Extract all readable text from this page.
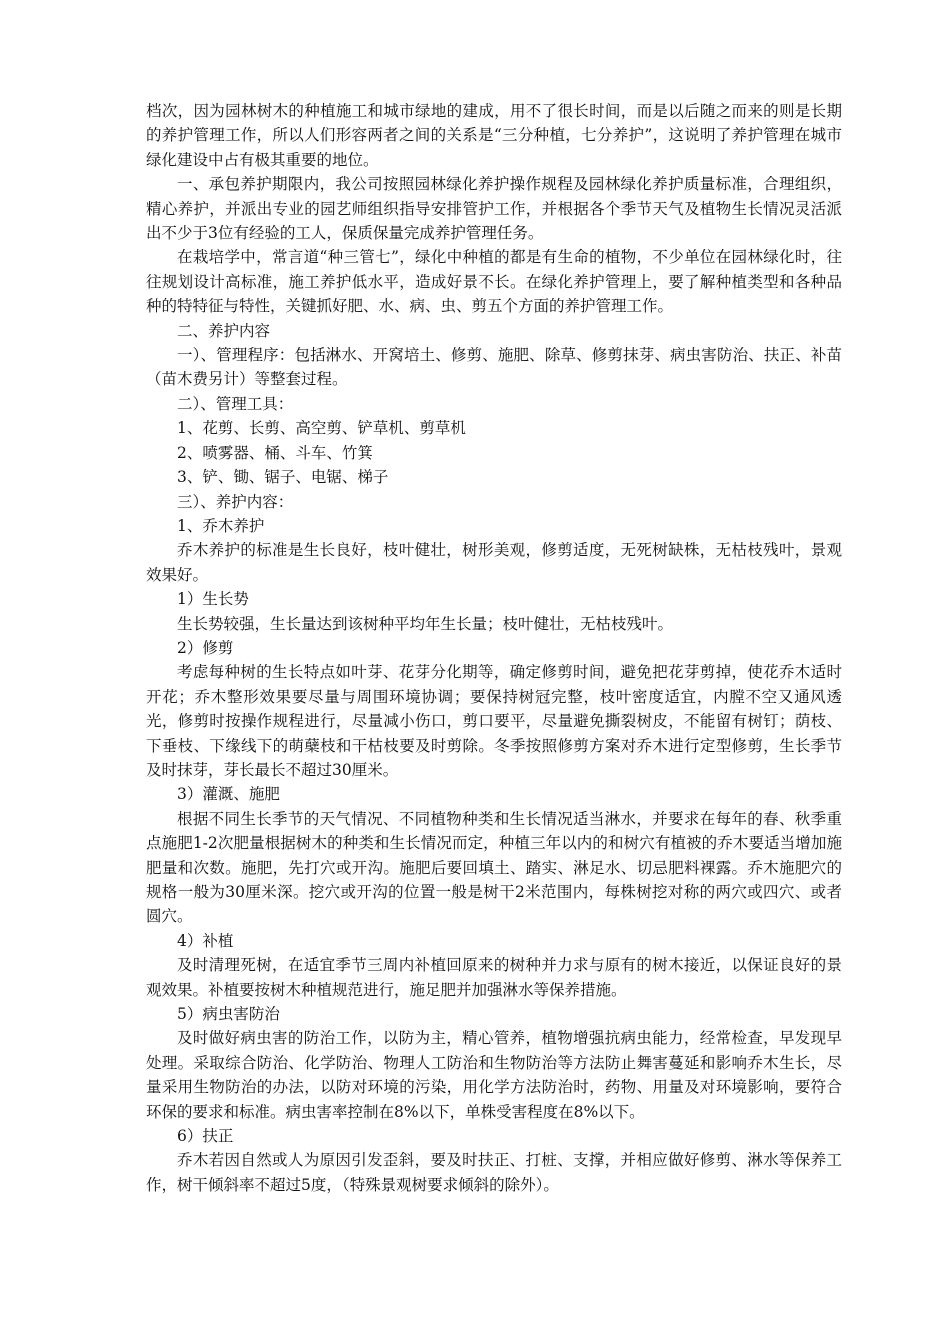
档次，因为园林树木的种植施工和城市绿地的建成，用不了很长时间，而是以后随之而来的则是长期的养护管理工作，所以人们形容两者之间的关系是“三分种植，七分养护”，这说明了养护管理在城市绿化建设中占有极其重要的地位。

一、承包养护期限内，我公司按照园林绿化养护操作规程及园林绿化养护质量标准，合理组织，精心养护，并派出专业的园艺师组织指导安排管护工作，并根据各个季节天气及植物生长情况灵活派出不少于3位有经验的工人，保质保量完成养护管理任务。

在栽培学中，常言道“种三管七”，绿化中种植的都是有生命的植物，不少单位在园林绿化时，往往规划设计高标准，施工养护低水平，造成好景不长。在绿化养护管理上，要了解种植类型和各种品种的特特征与特性，关键抓好肥、水、病、虫、剪五个方面的养护管理工作。

二、养护内容

一）、管理程序：包括淋水、开窝培土、修剪、施肥、除草、修剪抹芽、病虫害防治、扶正、补苗（苗木费另计）等整套过程。

二）、管理工具：

1、花剪、长剪、高空剪、铲草机、剪草机

2、喷雾器、桶、斗车、竹箕

3、铲、锄、锯子、电锯、梯子

三）、养护内容：

1、乔木养护

乔木养护的标准是生长良好，枝叶健壮，树形美观，修剪适度，无死树缺株，无枯枝残叶，景观效果好。

1）生长势

生长势较强，生长量达到该树种平均年生长量；枝叶健壮，无枯枝残叶。

2）修剪

考虑每种树的生长特点如叶芽、花芽分化期等，确定修剪时间，避免把花芽剪掉，使花乔木适时开花；乔木整形效果要尽量与周围环境协调；要保持树冠完整，枝叶密度适宜，内膛不空又通风透光，修剪时按操作规程进行，尽量减小伤口，剪口要平，尽量避免撕裂树皮，不能留有树钉；荫枝、下垂枝、下缘线下的萌蘖枝和干枯枝要及时剪除。冬季按照修剪方案对乔木进行定型修剪，生长季节及时抹芽，芽长最长不超过30厘米。

3）灌溉、施肥

根据不同生长季节的天气情况、不同植物种类和生长情况适当淋水，并要求在每年的春、秋季重点施肥1-2次肥量根据树木的种类和生长情况而定，种植三年以内的和树穴有植被的乔木要适当增加施肥量和次数。施肥，先打穴或开沟。施肥后要回填土、踏实、淋足水、切忌肥料裸露。乔木施肥穴的规格一般为30厘米深。挖穴或开沟的位置一般是树干2米范围内，每株树挖对称的两穴或四穴、或者圆穴。

4）补植

及时清理死树，在适宜季节三周内补植回原来的树种并力求与原有的树木接近，以保证良好的景观效果。补植要按树木种植规范进行，施足肥并加强淋水等保养措施。

5）病虫害防治

及时做好病虫害的防治工作，以防为主，精心管养，植物增强抗病虫能力，经常检查，早发现早处理。采取综合防治、化学防治、物理人工防治和生物防治等方法防止舞害蔓延和影响乔木生长，尽量采用生物防治的办法，以防对环境的污染，用化学方法防治时，药物、用量及对环境影响，要符合环保的要求和标准。病虫害率控制在8%以下，单株受害程度在8%以下。

6）扶正

乔木若因自然或人为原因引发歪斜，要及时扶正、打桩、支撑，并相应做好修剪、淋水等保养工作，树干倾斜率不超过5度，（特殊景观树要求倾斜的除外）。
